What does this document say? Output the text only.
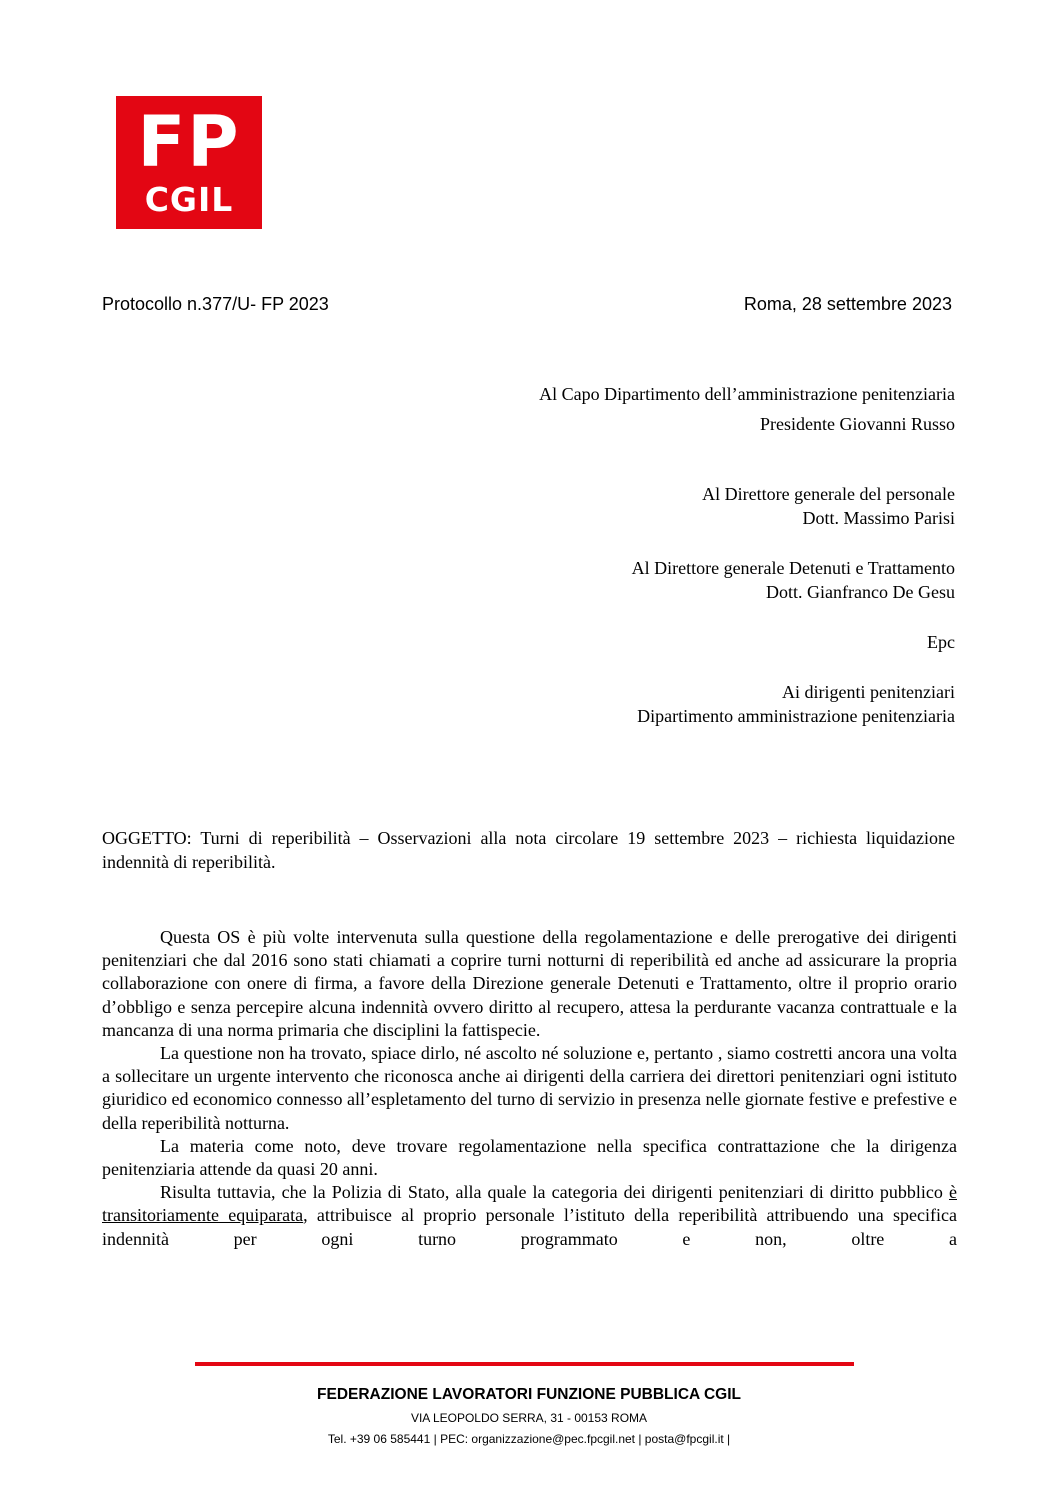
FP
CGIL
Protocollo n.377/U- FP 2023	Roma, 28 settembre 2023
Al Capo Dipartimento dell’amministrazione penitenziaria
Presidente Giovanni Russo
Al Direttore generale del personale
Dott. Massimo Parisi
Al Direttore generale Detenuti e Trattamento
Dott. Gianfranco De Gesu
Epc
Ai dirigenti penitenziari
Dipartimento amministrazione penitenziaria
OGGETTO: Turni di reperibilità – Osservazioni alla nota circolare 19 settembre 2023 – richiesta liquidazione indennità di reperibilità.

Questa OS è più volte intervenuta sulla questione della regolamentazione e delle prerogative dei dirigenti penitenziari che dal 2016 sono stati chiamati a coprire turni notturni di reperibilità ed anche ad assicurare la propria collaborazione con onere di firma, a favore della Direzione generale Detenuti e Trattamento, oltre il proprio orario d’obbligo e senza percepire alcuna indennità ovvero diritto al recupero, attesa la perdurante vacanza contrattuale e la mancanza di una norma primaria che disciplini la fattispecie.

La questione non ha trovato, spiace dirlo, né ascolto né soluzione e, pertanto , siamo costretti ancora una volta a sollecitare un urgente intervento che riconosca anche ai dirigenti della carriera dei direttori penitenziari ogni istituto giuridico ed economico connesso all’espletamento del turno di servizio in presenza nelle giornate festive e prefestive e della reperibilità notturna.

La materia come noto, deve trovare regolamentazione nella specifica contrattazione che la dirigenza penitenziaria attende da quasi 20 anni.

Risulta tuttavia, che la Polizia di Stato, alla quale la categoria dei dirigenti penitenziari di diritto pubblico è transitoriamente equiparata, attribuisce al proprio personale l’istituto della reperibilità attribuendo una specifica indennità per ogni turno programmato e non, oltre a

FEDERAZIONE LAVORATORI FUNZIONE PUBBLICA CGIL
VIA LEOPOLDO SERRA, 31 - 00153 ROMA
Tel. +39 06 585441 | PEC: organizzazione@pec.fpcgil.net | posta@fpcgil.it |
